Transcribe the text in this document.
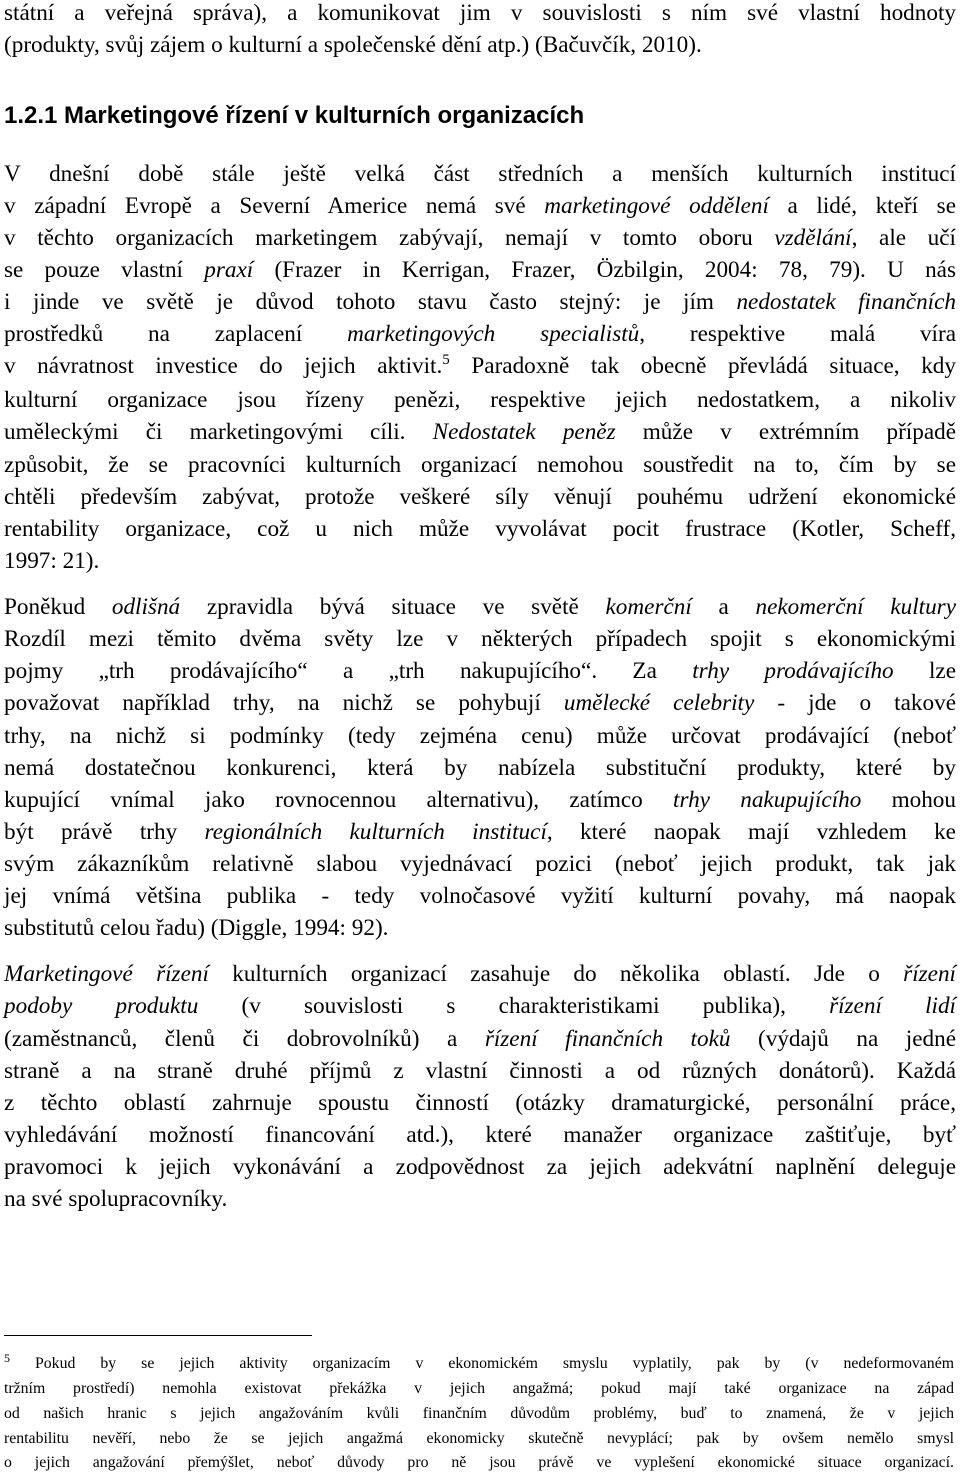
státní a veřejná správa), a komunikovat jim v souvislosti s ním své vlastní hodnoty
(produkty, svůj zájem o kulturní a společenské dění atp.) (Bačuvčík, 2010).
1.2.1 Marketingové řízení v kulturních organizacích
V dnešní době stále ještě velká část středních a menších kulturních institucí
v západní Evropě a Severní Americe nemá své marketingové oddělení a lidé, kteří se
v těchto organizacích marketingem zabývají, nemají v tomto oboru vzdělání, ale učí
se pouze vlastní praxí (Frazer in Kerrigan, Frazer, Özbilgin, 2004: 78, 79). U nás
i jinde ve světě je důvod tohoto stavu často stejný: je jím nedostatek finančních
prostředků na zaplacení marketingových specialistů, respektive malá víra
v návratnost investice do jejich aktivit.$^5$ Paradoxně tak obecně převládá situace, kdy
kulturní organizace jsou řízeny penězi, respektive jejich nedostatkem, a nikoliv
uměleckými či marketingovými cíli. Nedostatek peněz může v extrémním případě
způsobit, že se pracovníci kulturních organizací nemohou soustředit na to, čím by se
chtěli především zabývat, protože veškeré síly věnují pouhému udržení ekonomické
rentability organizace, což u nich může vyvolávat pocit frustrace (Kotler, Scheff,
1997: 21).
Poněkud odlišná zpravidla bývá situace ve světě komerční a nekomerční kultury
Rozdíl mezi těmito dvěma světy lze v některých případech spojit s ekonomickými
pojmy „trh prodávajícího“ a „trh nakupujícího“. Za trhy prodávajícího lze
považovat například trhy, na nichž se pohybují umělecké celebrity - jde o takové
trhy, na nichž si podmínky (tedy zejména cenu) může určovat prodávající (neboť
nemá dostatečnou konkurenci, která by nabízela substituční produkty, které by
kupující vnímal jako rovnocennou alternativu), zatímco trhy nakupujícího mohou
být právě trhy regionálních kulturních institucí, které naopak mají vzhledem ke
svým zákazníkům relativně slabou vyjednávací pozici (neboť jejich produkt, tak jak
jej vnímá většina publika - tedy volnočasové vyžití kulturní povahy, má naopak
substitutů celou řadu) (Diggle, 1994: 92).
Marketingové řízení kulturních organizací zasahuje do několika oblastí. Jde o řízení
podoby produktu (v souvislosti s charakteristikami publika), řízení lidí
(zaměstnanců, členů či dobrovolníků) a řízení finančních toků (výdajů na jedné
straně a na straně druhé příjmů z vlastní činnosti a od různých donátorů). Každá
z těchto oblastí zahrnuje spoustu činností (otázky dramaturgické, personální práce,
vyhledávání možností financování atd.), které manažer organizace zaštiťuje, byť
pravomoci k jejich vykonávání a zodpovědnost za jejich adekvátní naplnění deleguje
na své spolupracovníky.
$^5$ Pokud by se jejich aktivity organizacím v ekonomickém smyslu vyplatily, pak by (v nedeformovaném
tržním prostředí) nemohla existovat překážka v jejich angažmá; pokud mají také organizace na západ
od našich hranic s jejich angažováním kvůli finančním důvodům problémy, buď to znamená, že v jejich
rentabilitu nevěří, nebo že se jejich angažmá ekonomicky skutečně nevyplácí; pak by ovšem nemělo smysl
o jejich angažování přemýšlet, neboť důvody pro ně jsou právě ve vyplešení ekonomické situace organizací.
